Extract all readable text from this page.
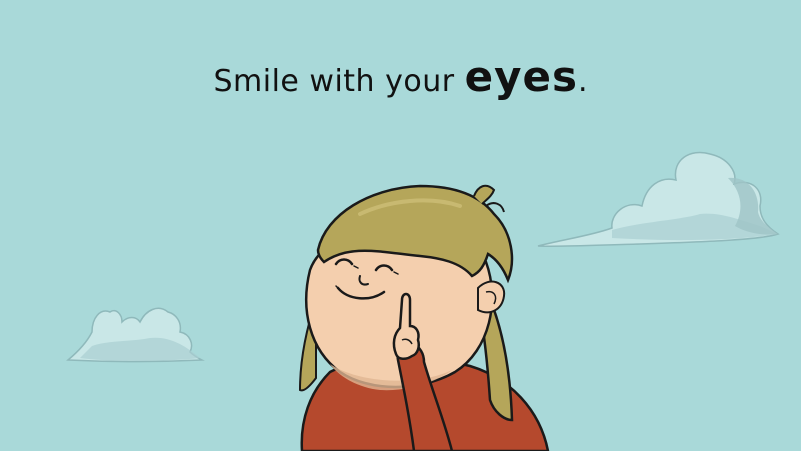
Smile with your eyes.
